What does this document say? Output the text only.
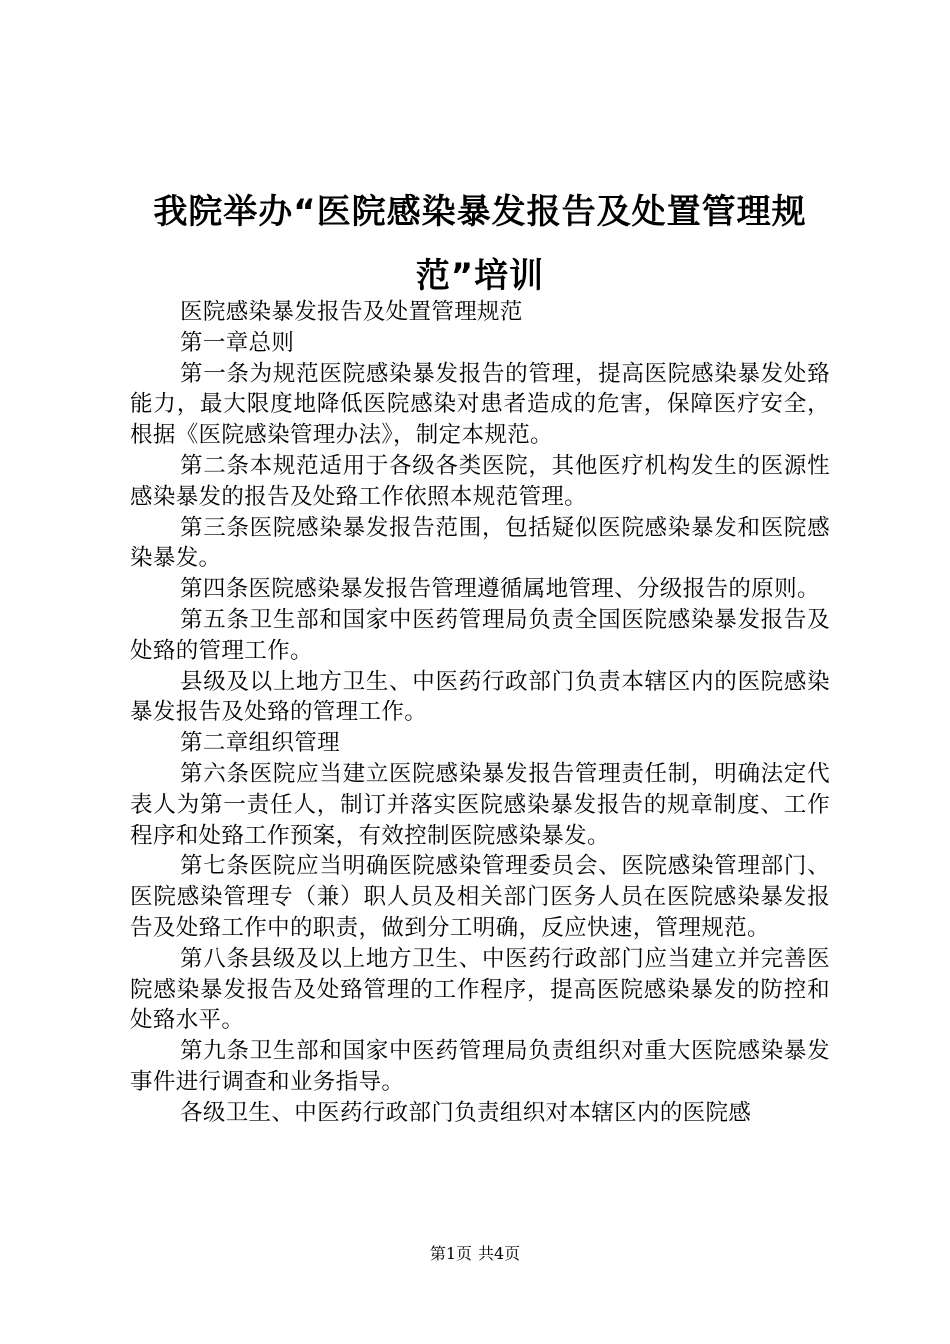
我院举办“医院感染暴发报告及处置管理规范”培训

医院感染暴发报告及处置管理规范

第一章总则

第一条为规范医院感染暴发报告的管理，提高医院感染暴发处臵能力，最大限度地降低医院感染对患者造成的危害，保障医疗安全，根据《医院感染管理办法》，制定本规范。

第二条本规范适用于各级各类医院，其他医疗机构发生的医源性感染暴发的报告及处臵工作依照本规范管理。

第三条医院感染暴发报告范围，包括疑似医院感染暴发和医院感染暴发。

第四条医院感染暴发报告管理遵循属地管理、分级报告的原则。

第五条卫生部和国家中医药管理局负责全国医院感染暴发报告及处臵的管理工作。

县级及以上地方卫生、中医药行政部门负责本辖区内的医院感染暴发报告及处臵的管理工作。

第二章组织管理

第六条医院应当建立医院感染暴发报告管理责任制，明确法定代表人为第一责任人，制订并落实医院感染暴发报告的规章制度、工作程序和处臵工作预案，有效控制医院感染暴发。

第七条医院应当明确医院感染管理委员会、医院感染管理部门、医院感染管理专（兼）职人员及相关部门医务人员在医院感染暴发报告及处臵工作中的职责，做到分工明确，反应快速，管理规范。

第八条县级及以上地方卫生、中医药行政部门应当建立并完善医院感染暴发报告及处臵管理的工作程序，提高医院感染暴发的防控和处臵水平。

第九条卫生部和国家中医药管理局负责组织对重大医院感染暴发事件进行调查和业务指导。

各级卫生、中医药行政部门负责组织对本辖区内的医院感

第1页 共4页
